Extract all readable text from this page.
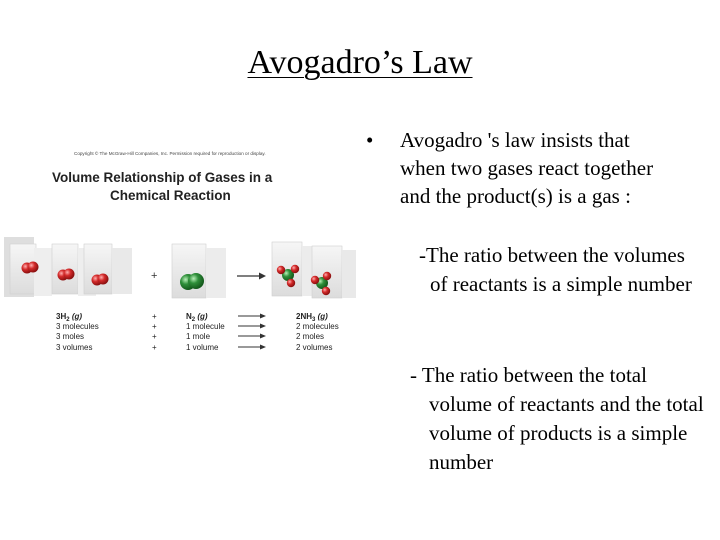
Avogadro’s Law
Copyright © The McGraw-Hill Companies, Inc. Permission required for reproduction or display.
Volume Relationship of Gases in a
Chemical Reaction
+
$3H_2$ (g)
3 molecules
3 moles
3 volumes
+
+
+
+
$N_2$ (g)
1 molecule
1 mole
1 volume
$2NH_3$ (g)
2 molecules
2 moles
2 volumes
•	Avogadro 's law insists that
when two gases react together
and the product(s) is a gas :
-The ratio between the volumes of reactants is a simple number
- The ratio between the total volume of reactants and the total volume of products is a simple number
